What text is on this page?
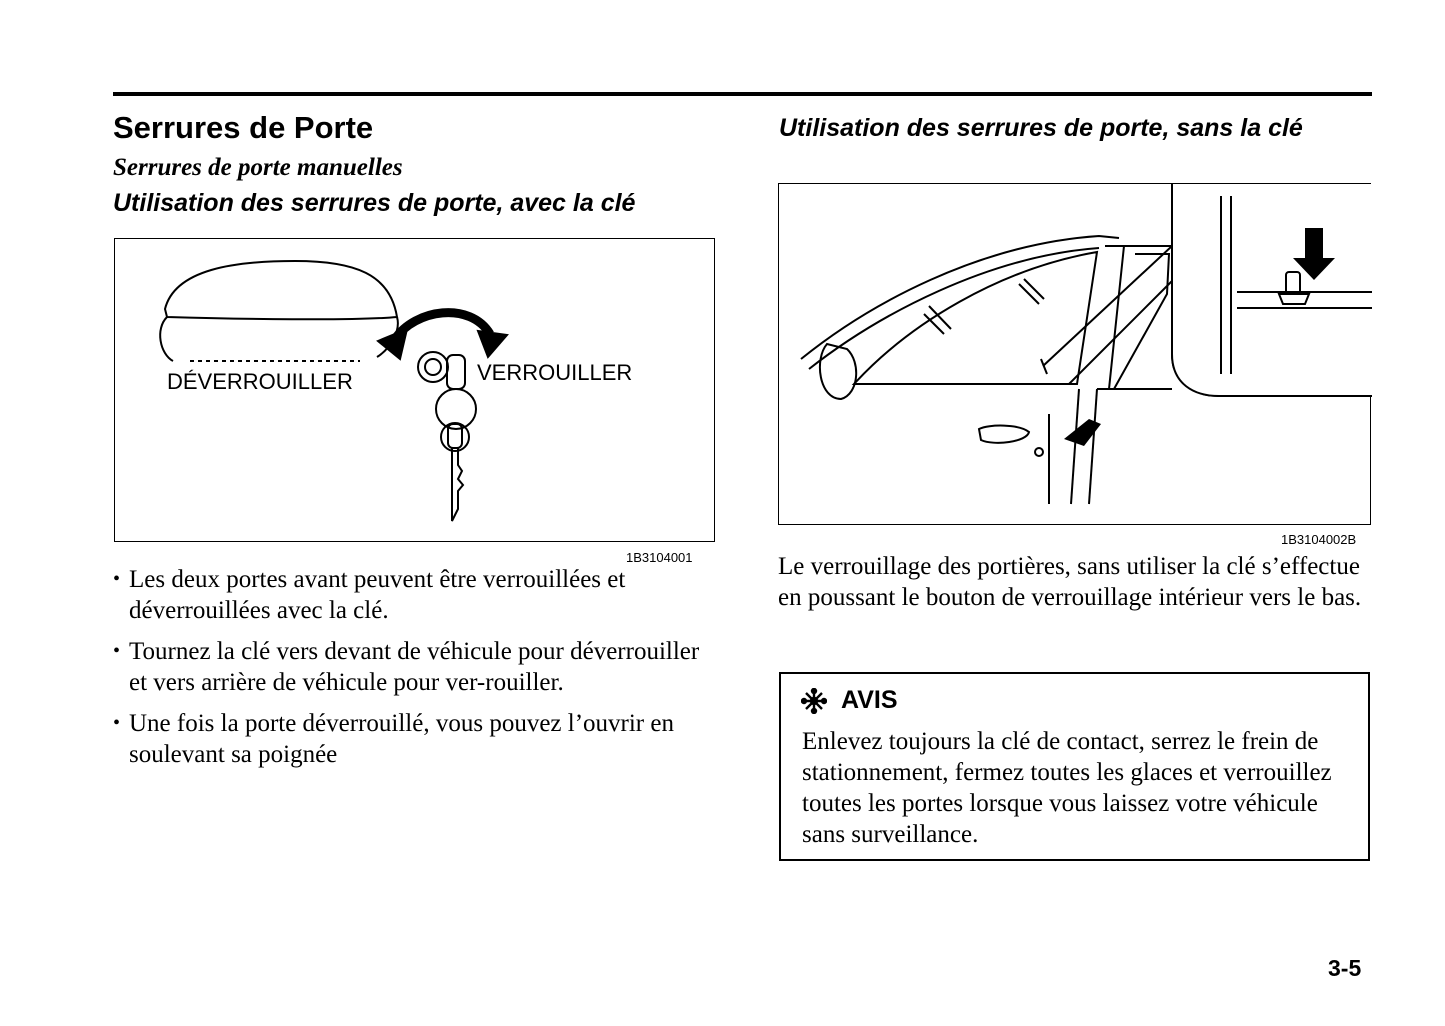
Serrures de Porte
Serrures de porte manuelles
Utilisation des serrures de porte, avec la clé
Utilisation des serrures de porte, sans la clé
DÉVERROUILLER	VERROUILLER
1B3104001
1B3104002B
• Les deux portes avant peuvent être verrouillées et déverrouillées avec la clé.
• Tournez la clé vers devant de véhicule pour déverrouiller et vers arrière de véhicule pour ver-rouiller.
• Une fois la porte déverrouillé, vous pouvez l’ouvrir en soulevant sa poignée

Le verrouillage des portières, sans utiliser la clé s’effectue en poussant le bouton de verrouillage intérieur vers le bas.

AVIS

Enlevez toujours la clé de contact, serrez le frein de stationnement, fermez toutes les glaces et verrouillez toutes les portes lorsque vous laissez votre véhicule sans surveillance.

3-5
